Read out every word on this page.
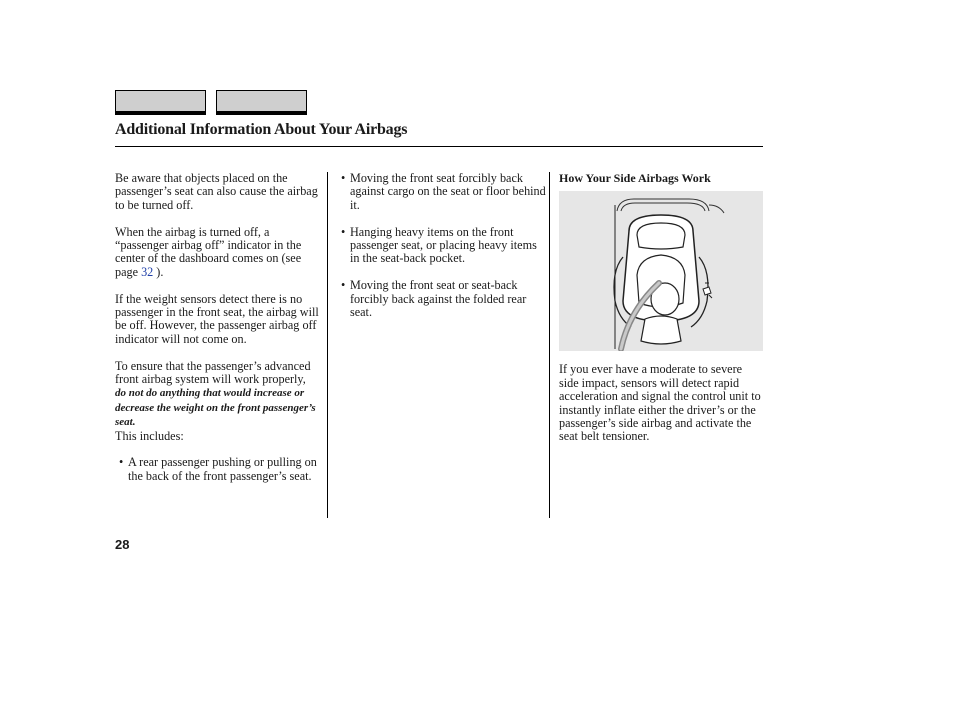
Additional Information About Your Airbags

Be aware that objects placed on the passenger’s seat can also cause the airbag to be turned off.

When the airbag is turned off, a “passenger airbag off” indicator in the center of the dashboard comes on (see page 32 ).

If the weight sensors detect there is no passenger in the front seat, the airbag will be off. However, the passenger airbag off indicator will not come on.

To ensure that the passenger’s advanced front airbag system will work properly, do not do anything that would increase or decrease the weight on the front passenger’s seat.
This includes:

• A rear passenger pushing or pulling on the back of the front passenger’s seat.
• Moving the front seat forcibly back against cargo on the seat or floor behind it.
• Hanging heavy items on the front passenger seat, or placing heavy items in the seat-back pocket.
• Moving the front seat or seat-back forcibly back against the folded rear seat.
How Your Side Airbags Work

If you ever have a moderate to severe side impact, sensors will detect rapid acceleration and signal the control unit to instantly inflate either the driver’s or the passenger’s side airbag and activate the seat belt tensioner.

28
